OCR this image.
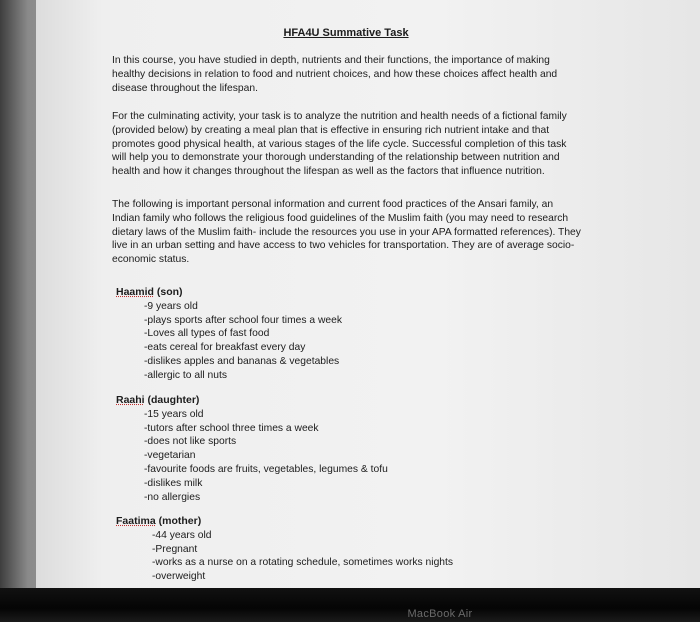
HFA4U Summative Task
In this course, you have studied in depth, nutrients and their functions, the importance of making healthy decisions in relation to food and nutrient choices, and how these choices affect health and disease throughout the lifespan.
For the culminating activity, your task is to analyze the nutrition and health needs of a fictional family (provided below) by creating a meal plan that is effective in ensuring rich nutrient intake and that promotes good physical health, at various stages of the life cycle. Successful completion of this task will help you to demonstrate your thorough understanding of the relationship between nutrition and health and how it changes throughout the lifespan as well as the factors that influence nutrition.
The following is important personal information and current food practices of the Ansari family, an Indian family who follows the religious food guidelines of the Muslim faith (you may need to research dietary laws of the Muslim faith- include the resources you use in your APA formatted references). They live in an urban setting and have access to two vehicles for transportation. They are of average socio-economic status.
Haamid (son)
-9 years old
-plays sports after school four times a week
-Loves all types of fast food
-eats cereal for breakfast every day
-dislikes apples and bananas & vegetables
-allergic to all nuts
Raahi (daughter)
-15 years old
-tutors after school three times a week
-does not like sports
-vegetarian
-favourite foods are fruits, vegetables, legumes & tofu
-dislikes milk
-no allergies
Faatima (mother)
-44 years old
-Pregnant
-works as a nurse on a rotating schedule, sometimes works nights
-overweight
MacBook Air
